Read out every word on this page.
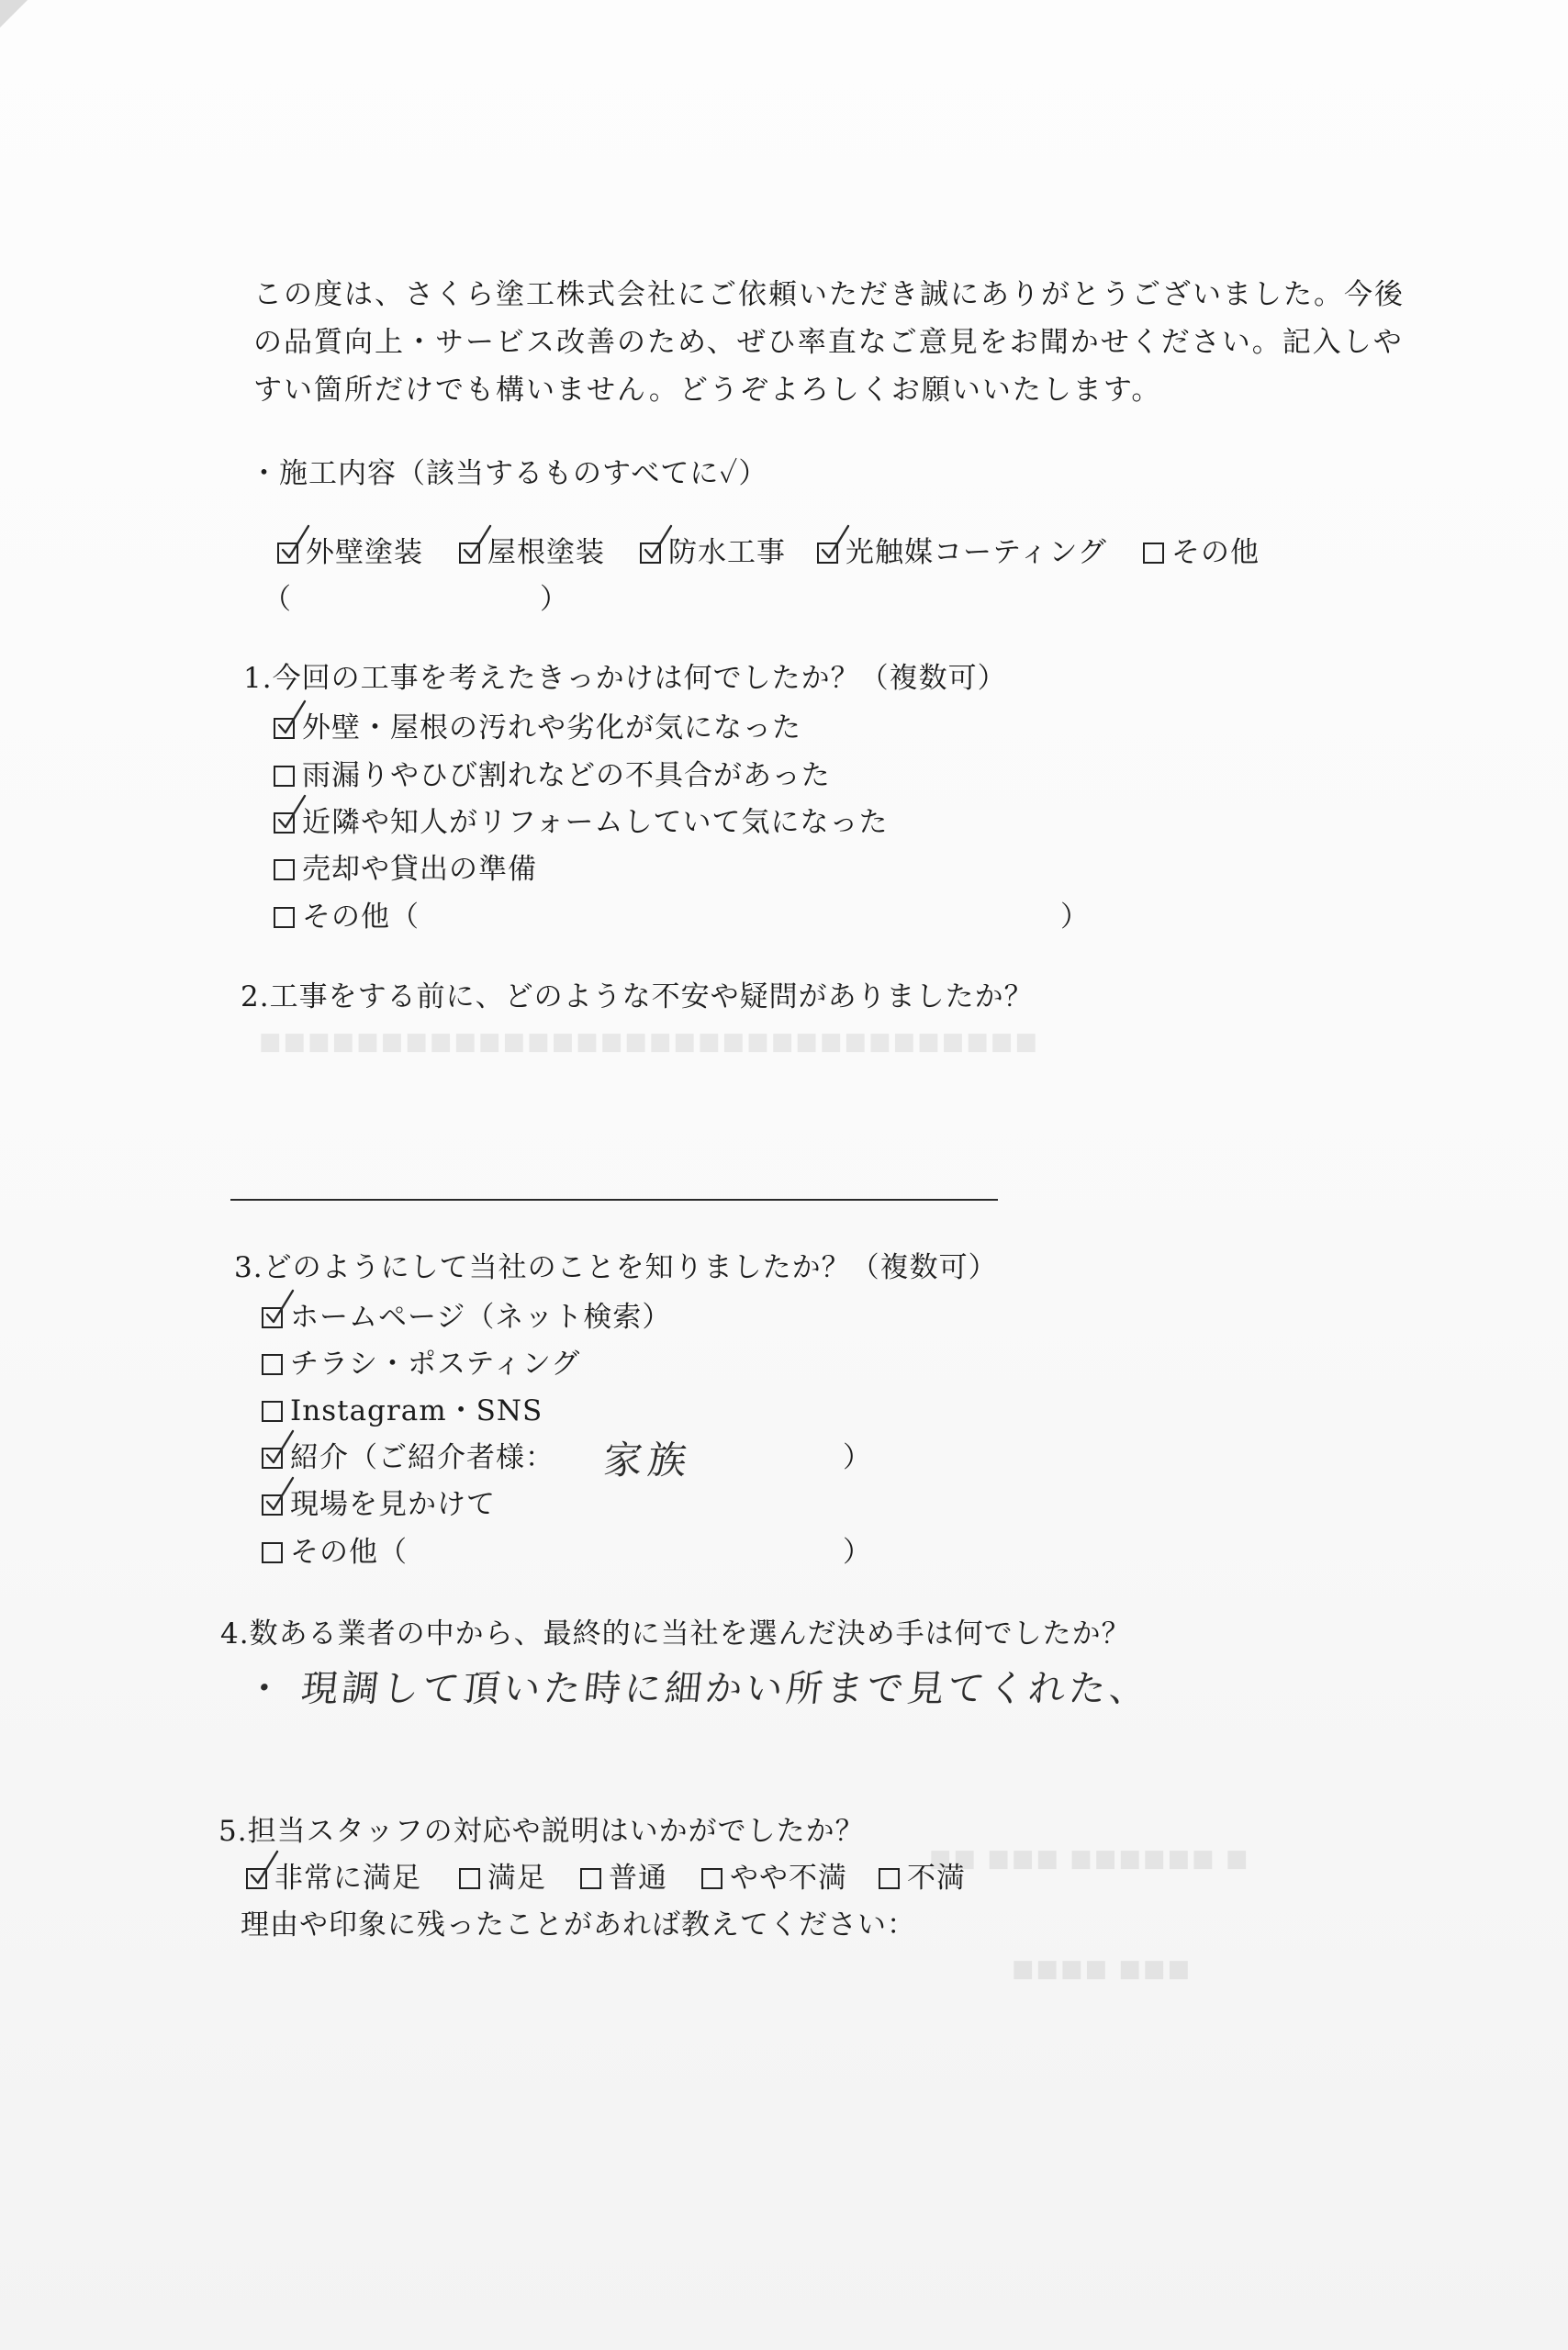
■ ■■■■■■ ■■■ ■■
■■■ ■■■■
■■■■■■■■■■■■■■■■■■■■■■■■■■■■■■■■
この度は、さくら塗工株式会社にご依頼いただき誠にありがとうございました。今後の品質向上・サービス改善のため、ぜひ率直なご意見をお聞かせください。記入しやすい箇所だけでも構いません。どうぞよろしくお願いいたします。
・施工内容（該当するものすべてに✓）
外壁塗装 屋根塗装 防水工事 光触媒コーティング その他
（	）
1.今回の工事を考えたきっかけは何でしたか？（複数可）
外壁・屋根の汚れや劣化が気になった
雨漏りやひび割れなどの不具合があった
近隣や知人がリフォームしていて気になった
売却や貸出の準備
その他（	）
2.工事をする前に、どのような不安や疑問がありましたか？
3.どのようにして当社のことを知りましたか？（複数可）
ホームページ（ネット検索）
チラシ・ポスティング
Instagram・SNS
紹介（ご紹介者様： 家族	）
現場を見かけて
その他（	）
4.数ある業者の中から、最終的に当社を選んだ決め手は何でしたか？
・ 現調して頂いた時に細かい所まで見てくれた、
5.担当スタッフの対応や説明はいかがでしたか？
非常に満足 満足 普通 やや不満 不満
理由や印象に残ったことがあれば教えてください：
